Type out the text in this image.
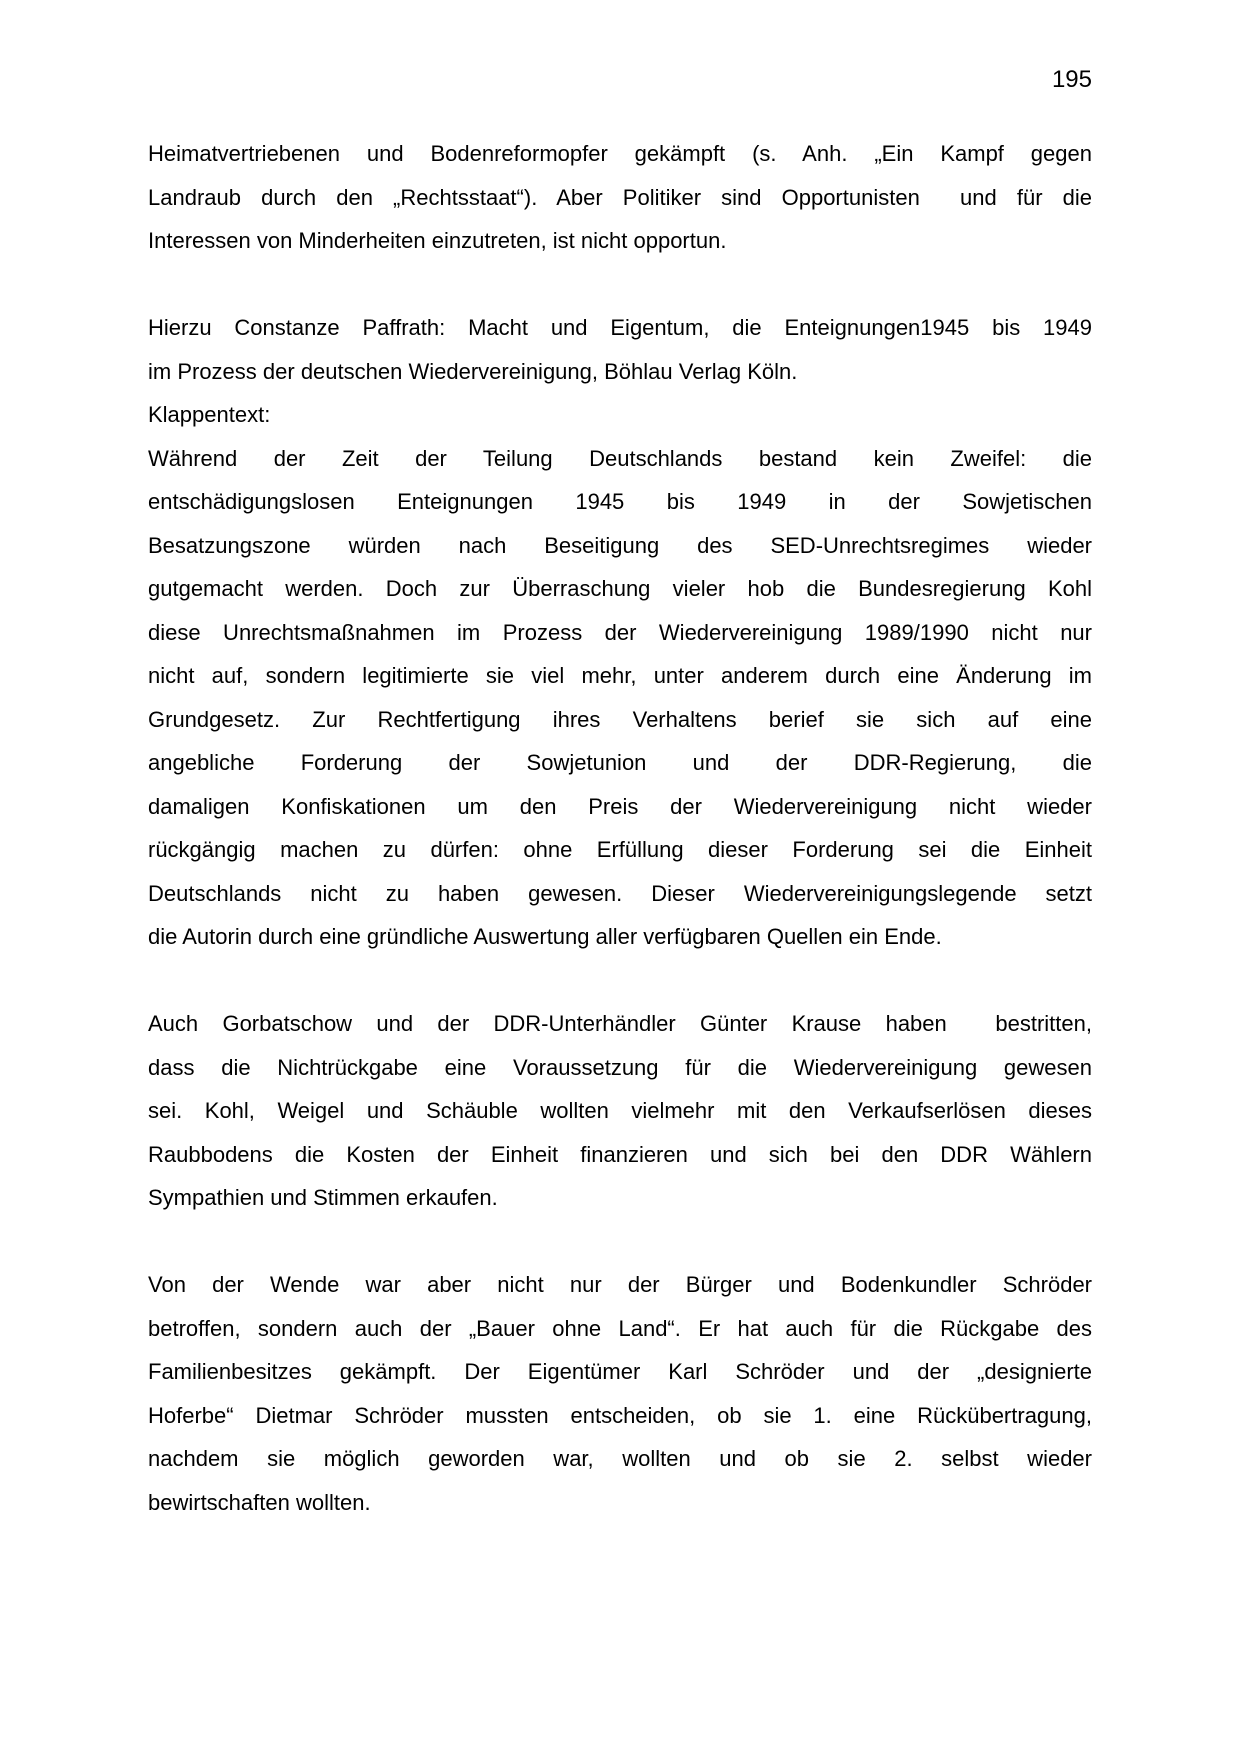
195
Heimatvertriebenen und Bodenreformopfer gekämpft (s. Anh. „Ein Kampf gegen
Landraub durch den „Rechtsstaat“). Aber Politiker sind Opportunisten  und für die
Interessen von Minderheiten einzutreten, ist nicht opportun.

Hierzu Constanze Paffrath: Macht und Eigentum, die Enteignungen1945 bis 1949
im Prozess der deutschen Wiedervereinigung, Böhlau Verlag Köln.
Klappentext:
Während der Zeit der Teilung Deutschlands bestand kein Zweifel: die
entschädigungslosen Enteignungen 1945 bis 1949 in der Sowjetischen
Besatzungszone würden nach Beseitigung des SED-Unrechtsregimes wieder
gutgemacht werden. Doch zur Überraschung vieler hob die Bundesregierung Kohl
diese Unrechtsmaßnahmen im Prozess der Wiedervereinigung 1989/1990 nicht nur
nicht auf, sondern legitimierte sie viel mehr, unter anderem durch eine Änderung im
Grundgesetz. Zur Rechtfertigung ihres Verhaltens berief sie sich auf eine
angebliche Forderung der Sowjetunion und der DDR-Regierung, die
damaligen Konfiskationen um den Preis der Wiedervereinigung nicht wieder
rückgängig machen zu dürfen: ohne Erfüllung dieser Forderung sei die Einheit
Deutschlands nicht zu haben gewesen. Dieser Wiedervereinigungslegende setzt
die Autorin durch eine gründliche Auswertung aller verfügbaren Quellen ein Ende.

Auch Gorbatschow und der DDR-Unterhändler Günter Krause haben  bestritten,
dass die Nichtrückgabe eine Voraussetzung für die Wiedervereinigung gewesen
sei. Kohl, Weigel und Schäuble wollten vielmehr mit den Verkaufserlösen dieses
Raubbodens die Kosten der Einheit finanzieren und sich bei den DDR Wählern
Sympathien und Stimmen erkaufen.

Von der Wende war aber nicht nur der Bürger und Bodenkundler Schröder
betroffen, sondern auch der „Bauer ohne Land“. Er hat auch für die Rückgabe des
Familienbesitzes gekämpft. Der Eigentümer Karl Schröder und der „designierte
Hoferbe“ Dietmar Schröder mussten entscheiden, ob sie 1. eine Rückübertragung,
nachdem sie möglich geworden war, wollten und ob sie 2. selbst wieder
bewirtschaften wollten.
